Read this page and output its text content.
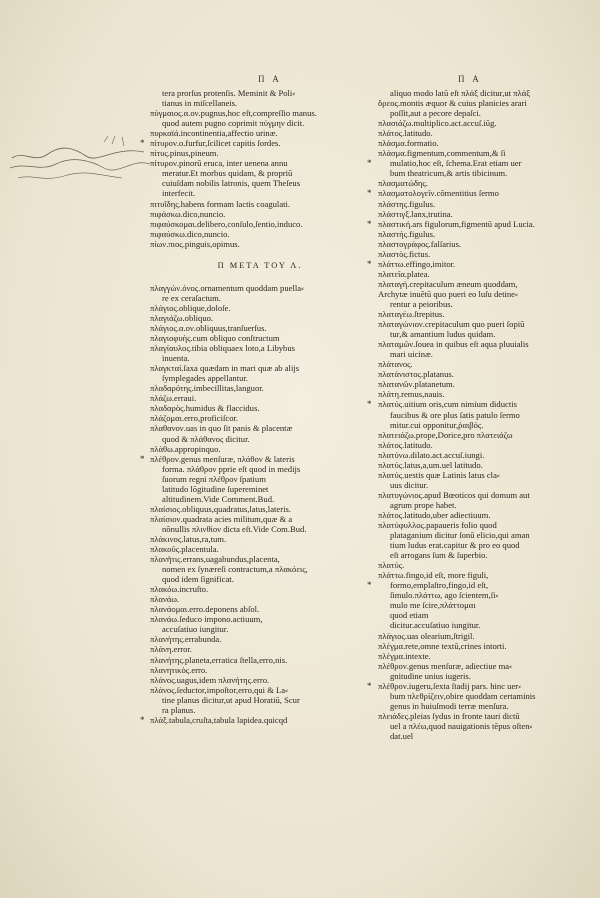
Π Α	Π Α
tera prorſus protenſis. Meminit & Poli⸗
tianus in miſcellaneis.
πύγμαιος.α.ον.pugnus,hoc eſt,compreſſio manus.
quod autem pugno coprimit πύγμην dicit.
πυρκαϊά.incontinentia,affectio urinæ.
πίτυρον.ο.furfur,ſcilicet capitis ſordes.
πίτυς.pinus,pineum.
πίτυρον.pinorū eruca, inter uenena annu
meratur.Et morbus quidam, & propriū
cuiuſdam nobilis latronis, quem Theſeus
interfecit.
πιτυΐδης.habens formam lactis coagulati.
πιφάσκω.dico,nuncio.
πιφαύσκομαι.delibero,conſulo,ſentio,induco.
πιφαύσκω.dico,nuncio.
πίων.πιος.pinguis,opimus.
Π ΜΕΤΑ ΤΟΥ Λ.
πλαγγών.όνος.ornamentum quoddam puella⸗
re ex ceraſactum.
πλάγιος.oblique,doloſe.
πλαγιάζω.obliquo.
πλάγιος.α.ον.obliquus,tranſuerſus.
πλαγιοφυὴς.cum obliquo conſtructum
πλαγίαυλος.tibia obliquaex loto,a Libybus
inuenta.
πλαγκταί.ſaxa quædam in mari quæ ab alijs
ſymplegades appellantur.
πλαδαρότης.imbecillitas,languor.
πλάζω.erraui.
πλαδαρὸς.humidus & flaccidus.
πλάζομαι.erro,proficiſcor.
πλαθανον.uas in quo ſit panis & placentæ
quod & πλάθανος dicitur.
πλάθω.appropinquo.
πλέθρον.genus menſuræ, πλάθον & lateris
forma. πλάθρον pprie eſt quod in medijs
ſuorum regni πλέθρον ſpatium
latitudo lõgitudine ſupereminet
altitudinem.Vide Comment.Bud.
πλαίσιος.obliquus,quadratus,latus,lateris.
πλαίσιον.quadrata acies militum,quæ & a
nõnullis πλινθίον dicta eſt.Vide Com.Bud.
πλάκινος.latus,ra,tum.
πλακοῦς.placentula.
πλανῆτις.errans,uagabundus,placenta,
nomen ex ſynæreſi contractum,a πλακόεις,
quod idem ſignificat.
πλακόω.incruſto.
πλανάω.
πλανάομαι.erro.deponens abſol.
πλανάω.ſeduco impono.actiuum,
accuſatiuo iungitur.
πλανήτης.errabunda.
πλάνη.error.
πλανήτης.planeta,erratica ſtella,erro,nis.
πλανητικὸς.erro.
πλάνος.uagus,idem πλανήτης.erro.
πλάνος.ſeductor,impoſtor,erro,qui & La⸗
tine planus dicitur,ut apud Horatiū, Scur
ra planus.
πλάξ.tabula,cruſta,tabula lapidea.quicqd
aliquo modo latū eſt πλάξ dicitur,ut πλάξ
ὄρεος.montis æquor & cuius planicies arari
poſſit,aut a pecore depaſci.
πλασιάζω.multiplico.act.accuſ.iūg.
πλάτος.latitudo.
πλάσμα.formatio.
πλάσμα.figmentum,commentum,& ſi
mulatio,hoc eſt, ſchema.Erat etiam uer
bum theatricum,& artis tibicinum.
πλασματώδης.
πλασματολογεῖν.cōmentitius ſermo
πλάστης.figulus.
πλάστιγξ.lanx,trutina.
πλαστική.ars figulorum,figmentū apud Lucia.
πλαστής.figulus.
πλαστογράφος.falſarius.
πλαστὸς.fictus.
πλάττω.effingo,imitor.
πλατεῖα.platea.
πλαταγή.crepitaculum æneum quoddam,
Archytæ inuētū quo pueri eo luſu detine⸗
rentur a peioribus.
πλαταγέω.ſtrepitus.
πλαταγώνιον.crepitaculum quo pueri ſopiū
tur,& amantium ludus quidam.
πλαταμῶν.ſouea in quibus eſt aqua pluuialis
mari uicinæ.
πλάτανος.
πλατάνιστος.platanus.
πλατανῶν.platanetum.
πλάτη.remus,nauis.
πλατύς.uitium oris,cum nimium diductis
faucibus & ore plus ſatis patulo ſermo
mitur.cui opponitur,ῥαιβός.
πλατειάζω.prope,Dorice,pro πλατειάζω
πλάτος.latitudo.
πλατύνω.dilato.act.accuſ.iungi.
πλατύς.latus,a,um.uel latitudo.
πλατύς.uestis quæ Latinis latus cla⸗
uus dicitur.
πλατυγώνιος.apud Bœoticos qui domum aut
agrum prope habet.
πλάτος.latitudo,uber adiectiuum.
πλατύφυλλος.papaueris folio quod
plataganium dicitur ſonū elicio,qui aman
tium ludus erat.capitur & pro eo quod
eſt arrogans ſum & ſuperbio.
πλατύς.
πλάττω.fingo,id eſt, more figuli,
formo,emplaſtro,fingo,id eſt,
ſimulo.πλάττω, ago ſcientem,ſi⸗
mulo me ſcire,πλάττομαι
quod etiam
dicitur.accuſatiuo iungitur.
πλάγιος.uas olearium,ſtrigil.
πλέγμα.rete,omne textū,crines intorti.
πλέγμα.intexte.
πλέθρον.genus menſuræ, adiectiue ma⸗
gnitudine unius iugeris.
πλέθρον.iugeru,ſexta ſtadij pars. hinc uer⸗
bum πλεθρίζειν,obire quoddam certaminis
genus in huiuſmodi terræ menſura.
πλειάδες.pleias ſydus in fronte tauri dictū
uel a πλέω,quod nauigationis tēpus oſten⸗
dat.uel
*
*
*
*
*
*
*
*
*
*
